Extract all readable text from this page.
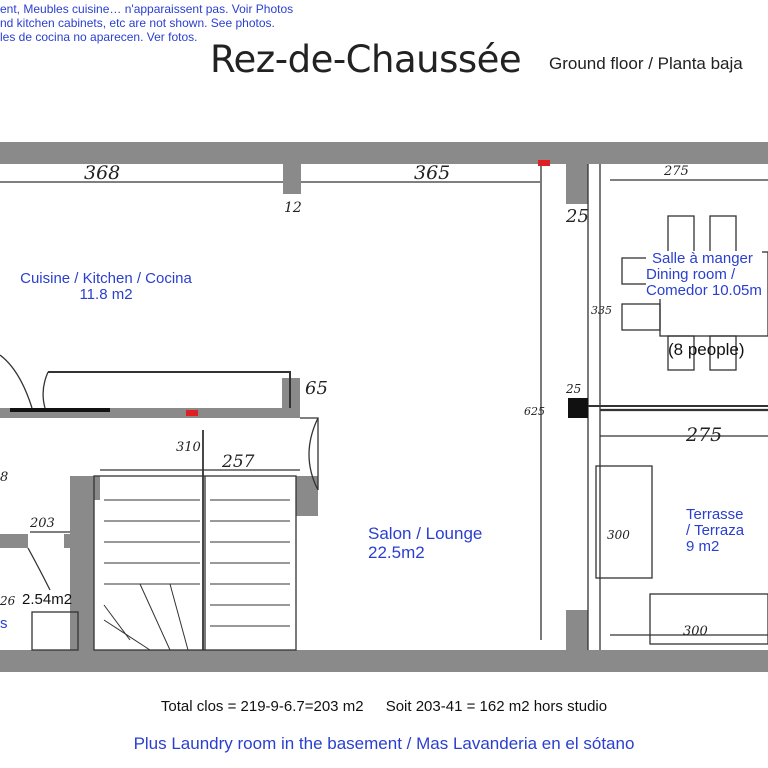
ent, Meubles cuisine… n'apparaissent pas. Voir Photos
nd kitchen cabinets, etc are not shown. See photos.
les de cocina no aparecen. Ver fotos.
Rez-de-Chaussée Ground floor / Planta baja
Cuisine / Kitchen / Cocina
11.8 m2
Salle à manger
Dining room /
Comedor 10.05m
(8 people)
Salon / Lounge
22.5m2
Terrasse
/ Terraza
9 m2
2.54m2
s
368	365	275
12	25
335
65	25
625
275
310
257
203
300
300
26
8
Total clos = 219-9-6.7=203 m2 Soit 203-41 = 162 m2 hors studio
Plus Laundry room in the basement / Mas Lavanderia en el sótano
